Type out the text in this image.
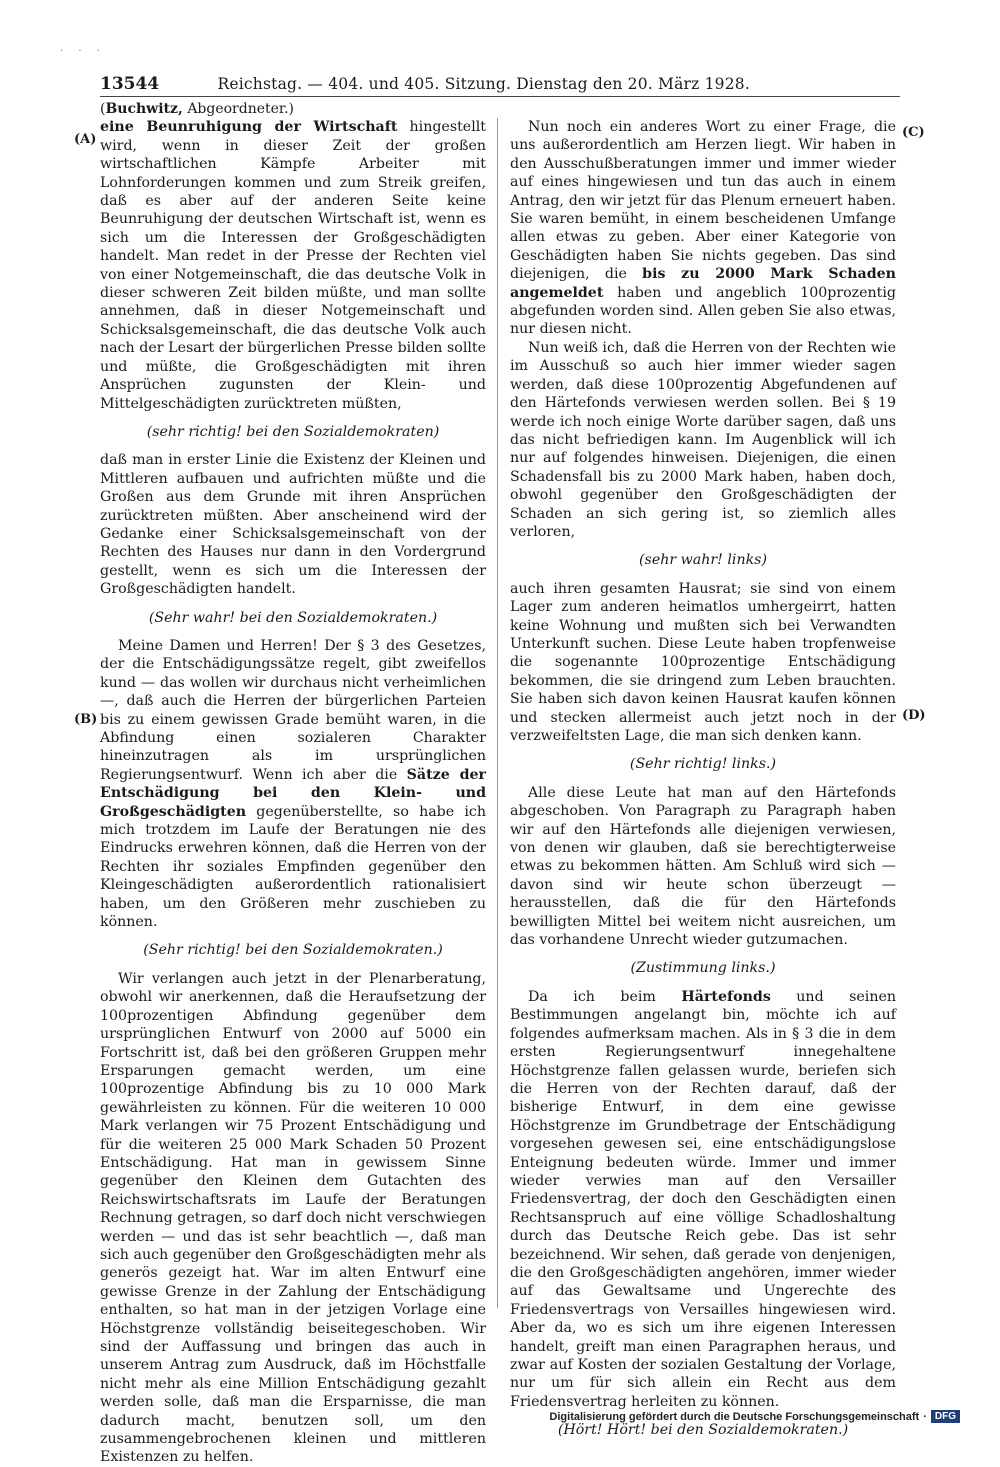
· · ·
13544	Reichstag. — 404. und 405. Sitzung. Dienstag den 20. März 1928.
(A)
(B)
(C)
(D)
(Buchwitz, Abgeordneter.)

eine Beunruhigung der Wirtschaft hingestellt wird, wenn in dieser Zeit der großen wirtschaftlichen Kämpfe Arbeiter mit Lohnforderungen kommen und zum Streik greifen, daß es aber auf der anderen Seite keine Beunruhigung der deutschen Wirtschaft ist, wenn es sich um die Interessen der Großgeschädigten handelt. Man redet in der Presse der Rechten viel von einer Notgemeinschaft, die das deutsche Volk in dieser schweren Zeit bilden müßte, und man sollte annehmen, daß in dieser Notgemeinschaft und Schicksalsgemeinschaft, die das deutsche Volk auch nach der Lesart der bürgerlichen Presse bilden sollte und müßte, die Großgeschädigten mit ihren Ansprüchen zugunsten der Klein- und Mittelgeschädigten zurücktreten müßten,

(sehr richtig! bei den Sozialdemokraten)

daß man in erster Linie die Existenz der Kleinen und Mittleren aufbauen und aufrichten müßte und die Großen aus dem Grunde mit ihren Ansprüchen zurücktreten müßten. Aber anscheinend wird der Gedanke einer Schicksalsgemeinschaft von der Rechten des Hauses nur dann in den Vordergrund gestellt, wenn es sich um die Interessen der Großgeschädigten handelt.

(Sehr wahr! bei den Sozialdemokraten.)

Meine Damen und Herren! Der § 3 des Gesetzes, der die Entschädigungssätze regelt, gibt zweifellos kund — das wollen wir durchaus nicht verheimlichen —, daß auch die Herren der bürgerlichen Parteien bis zu einem gewissen Grade bemüht waren, in die Abfindung einen sozialeren Charakter hineinzutragen als im ursprünglichen Regierungsentwurf. Wenn ich aber die Sätze der Entschädigung bei den Klein- und Großgeschädigten gegenüberstellte, so habe ich mich trotzdem im Laufe der Beratungen nie des Eindrucks erwehren können, daß die Herren von der Rechten ihr soziales Empfinden gegenüber den Kleingeschädigten außerordentlich rationalisiert haben, um den Größeren mehr zuschieben zu können.

(Sehr richtig! bei den Sozialdemokraten.)

Wir verlangen auch jetzt in der Plenarberatung, obwohl wir anerkennen, daß die Heraufsetzung der 100prozentigen Abfindung gegenüber dem ursprünglichen Entwurf von 2000 auf 5000 ein Fortschritt ist, daß bei den größeren Gruppen mehr Ersparungen gemacht werden, um eine 100prozentige Abfindung bis zu 10 000 Mark gewährleisten zu können. Für die weiteren 10 000 Mark verlangen wir 75 Prozent Entschädigung und für die weiteren 25 000 Mark Schaden 50 Prozent Entschädigung. Hat man in gewissem Sinne gegenüber den Kleinen dem Gutachten des Reichswirtschaftsrats im Laufe der Beratungen Rechnung getragen, so darf doch nicht verschwiegen werden — und das ist sehr beachtlich —, daß man sich auch gegenüber den Großgeschädigten mehr als generös gezeigt hat. War im alten Entwurf eine gewisse Grenze in der Zahlung der Entschädigung enthalten, so hat man in der jetzigen Vorlage eine Höchstgrenze vollständig beiseitegeschoben. Wir sind der Auffassung und bringen das auch in unserem Antrag zum Ausdruck, daß im Höchstfalle nicht mehr als eine Million Entschädigung gezahlt werden solle, daß man die Ersparnisse, die man dadurch macht, benutzen soll, um den zusammengebrochenen kleinen und mittleren Existenzen zu helfen.

Nun noch ein anderes Wort zu einer Frage, die uns außerordentlich am Herzen liegt. Wir haben in den Ausschußberatungen immer und immer wieder auf eines hingewiesen und tun das auch in einem Antrag, den wir jetzt für das Plenum erneuert haben. Sie waren bemüht, in einem bescheidenen Umfange allen etwas zu geben. Aber einer Kategorie von Geschädigten haben Sie nichts gegeben. Das sind diejenigen, die bis zu 2000 Mark Schaden angemeldet haben und angeblich 100prozentig abgefunden worden sind. Allen geben Sie also etwas, nur diesen nicht.

Nun weiß ich, daß die Herren von der Rechten wie im Ausschuß so auch hier immer wieder sagen werden, daß diese 100prozentig Abgefundenen auf den Härtefonds verwiesen werden sollen. Bei § 19 werde ich noch einige Worte darüber sagen, daß uns das nicht befriedigen kann. Im Augenblick will ich nur auf folgendes hinweisen. Diejenigen, die einen Schadensfall bis zu 2000 Mark haben, haben doch, obwohl gegenüber den Großgeschädigten der Schaden an sich gering ist, so ziemlich alles verloren,

(sehr wahr! links)

auch ihren gesamten Hausrat; sie sind von einem Lager zum anderen heimatlos umhergeirrt, hatten keine Wohnung und mußten sich bei Verwandten Unterkunft suchen. Diese Leute haben tropfenweise die sogenannte 100prozentige Entschädigung bekommen, die sie dringend zum Leben brauchten. Sie haben sich davon keinen Hausrat kaufen können und stecken allermeist auch jetzt noch in der verzweifeltsten Lage, die man sich denken kann.

(Sehr richtig! links.)

Alle diese Leute hat man auf den Härtefonds abgeschoben. Von Paragraph zu Paragraph haben wir auf den Härtefonds alle diejenigen verwiesen, von denen wir glauben, daß sie berechtigterweise etwas zu bekommen hätten. Am Schluß wird sich — davon sind wir heute schon überzeugt — herausstellen, daß die für den Härtefonds bewilligten Mittel bei weitem nicht ausreichen, um das vorhandene Unrecht wieder gutzumachen.

(Zustimmung links.)

Da ich beim Härtefonds und seinen Bestimmungen angelangt bin, möchte ich auf folgendes aufmerksam machen. Als in § 3 die in dem ersten Regierungsentwurf innegehaltene Höchstgrenze fallen gelassen wurde, beriefen sich die Herren von der Rechten darauf, daß der bisherige Entwurf, in dem eine gewisse Höchstgrenze im Grundbetrage der Entschädigung vorgesehen gewesen sei, eine entschädigungslose Enteignung bedeuten würde. Immer und immer wieder verwies man auf den Versailler Friedensvertrag, der doch den Geschädigten einen Rechtsanspruch auf eine völlige Schadloshaltung durch das Deutsche Reich gebe. Das ist sehr bezeichnend. Wir sehen, daß gerade von denjenigen, die den Großgeschädigten angehören, immer wieder auf das Gewaltsame und Ungerechte des Friedensvertrags von Versailles hingewiesen wird. Aber da, wo es sich um ihre eigenen Interessen handelt, greift man einen Paragraphen heraus, und zwar auf Kosten der sozialen Gestaltung der Vorlage, nur um für sich allein ein Recht aus dem Friedensvertrag herleiten zu können.

(Hört! Hört! bei den Sozialdemokraten.)

Digitalisierung gefördert durch die Deutsche Forschungsgemeinschaft · DFG
